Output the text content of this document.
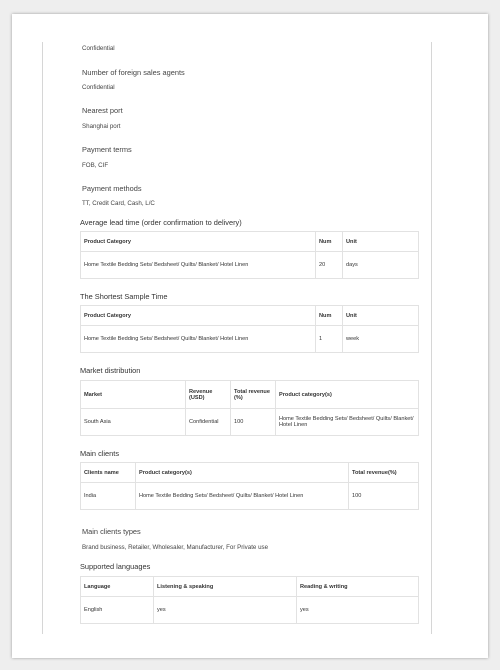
Confidential
Number of foreign sales agents
Confidential
Nearest port
Shanghai port
Payment terms
FOB, CIF
Payment methods
TT, Credit Card, Cash, L/C
Average lead time (order confirmation to delivery)
Product Category	Num	Unit

Home Textile Bedding Sets/ Bedsheet/ Quilts/ Blanket/ Hotel Linen	20	days
The Shortest Sample Time
Product Category	Num	Unit

Home Textile Bedding Sets/ Bedsheet/ Quilts/ Blanket/ Hotel Linen	1	week
Market distribution
Market	Revenue (USD)	Total revenue (%)	Product category(s)
South Asia	Confidential	100	Home Textile Bedding Sets/ Bedsheet/ Quilts/ Blanket/ Hotel Linen
Main clients
Clients name	Product category(s)	Total revenue(%)
India	Home Textile Bedding Sets/ Bedsheet/ Quilts/ Blanket/ Hotel Linen	100
Main clients types
Brand business, Retailer, Wholesaler, Manufacturer, For Private use
Supported languages
Language	Listening & speaking	Reading & writing
English	yes	yes
